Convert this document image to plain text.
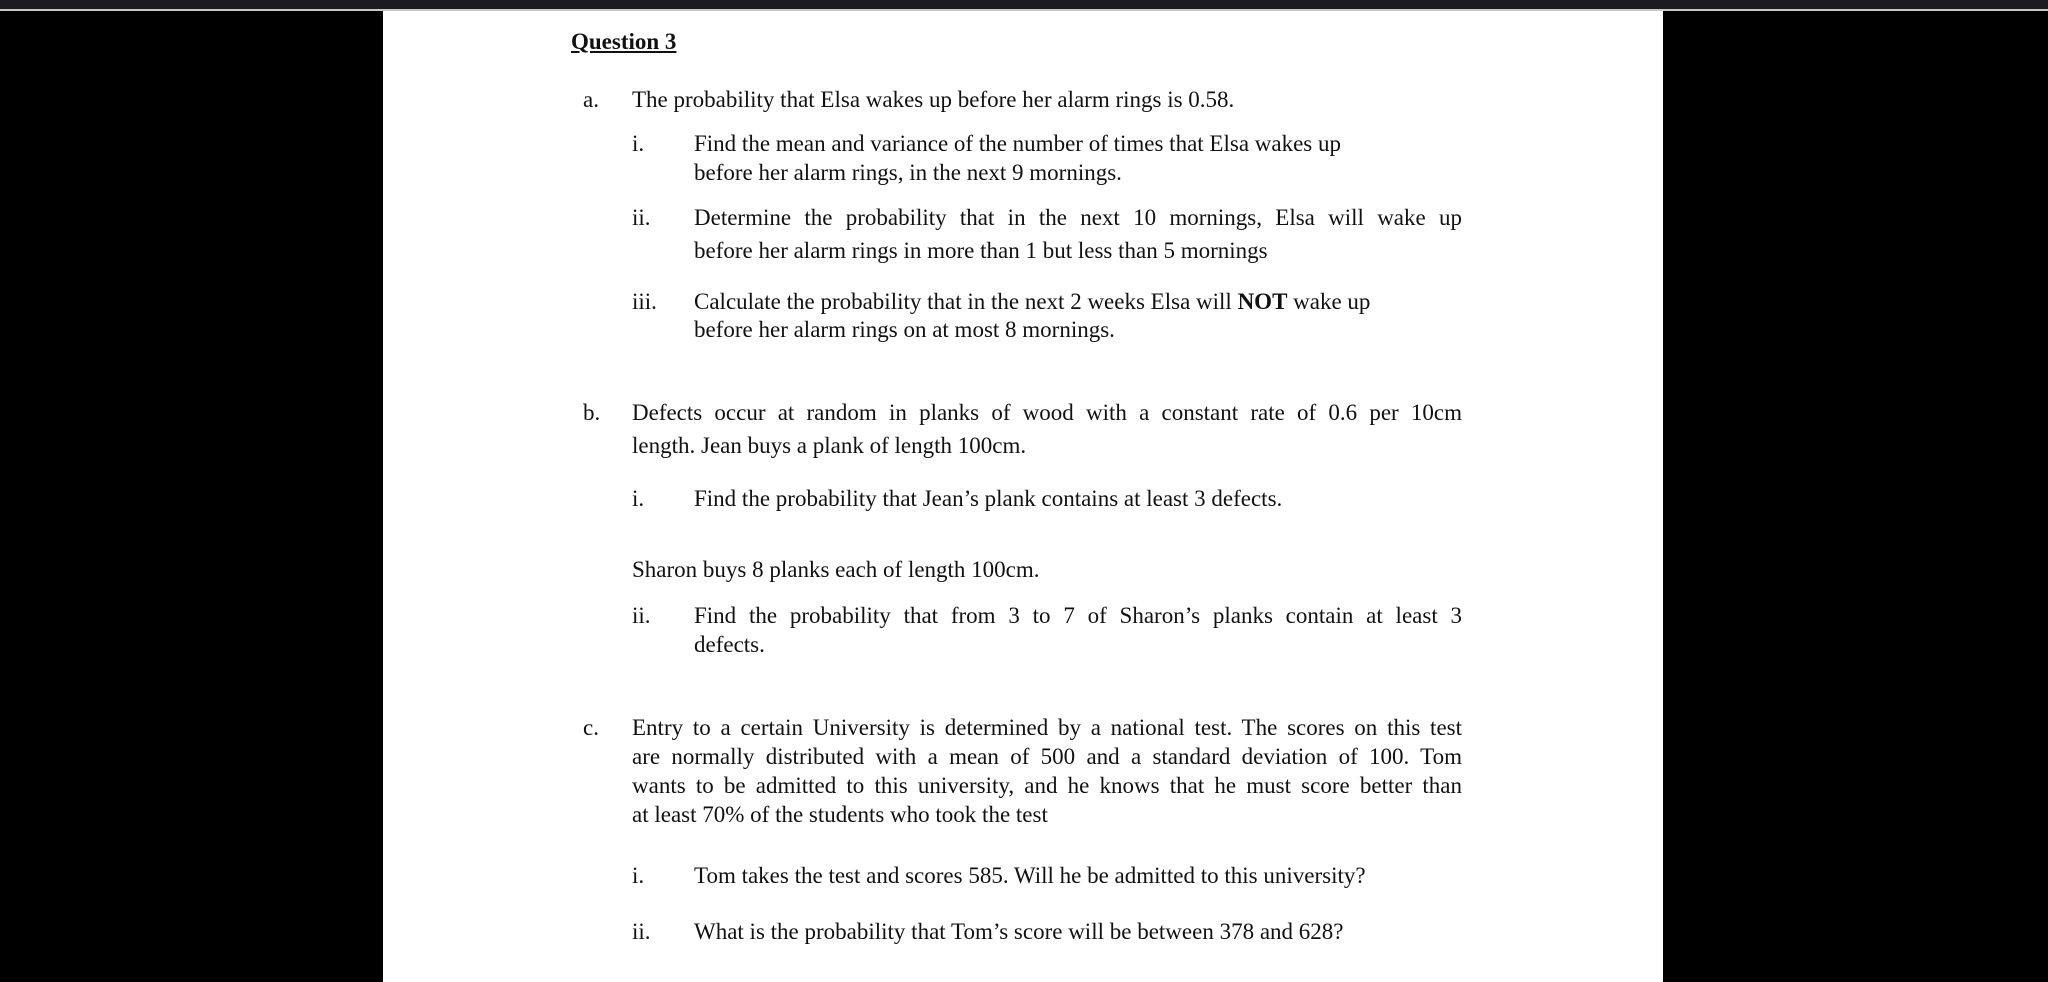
Question 3
a. The probability that Elsa wakes up before her alarm rings is 0.58.
i. Find the mean and variance of the number of times that Elsa wakes up
before her alarm rings, in the next 9 mornings.
ii. Determine the probability that in the next 10 mornings, Elsa will wake up
before her alarm rings in more than 1 but less than 5 mornings
iii. Calculate the probability that in the next 2 weeks Elsa will NOT wake up
before her alarm rings on at most 8 mornings.
b. Defects occur at random in planks of wood with a constant rate of 0.6 per 10cm
length. Jean buys a plank of length 100cm.
i. Find the probability that Jean’s plank contains at least 3 defects.
Sharon buys 8 planks each of length 100cm.
ii. Find the probability that from 3 to 7 of Sharon’s planks contain at least 3
defects.
c. Entry to a certain University is determined by a national test. The scores on this test
are normally distributed with a mean of 500 and a standard deviation of 100. Tom
wants to be admitted to this university, and he knows that he must score better than
at least 70% of the students who took the test
i. Tom takes the test and scores 585. Will he be admitted to this university?
ii. What is the probability that Tom’s score will be between 378 and 628?
